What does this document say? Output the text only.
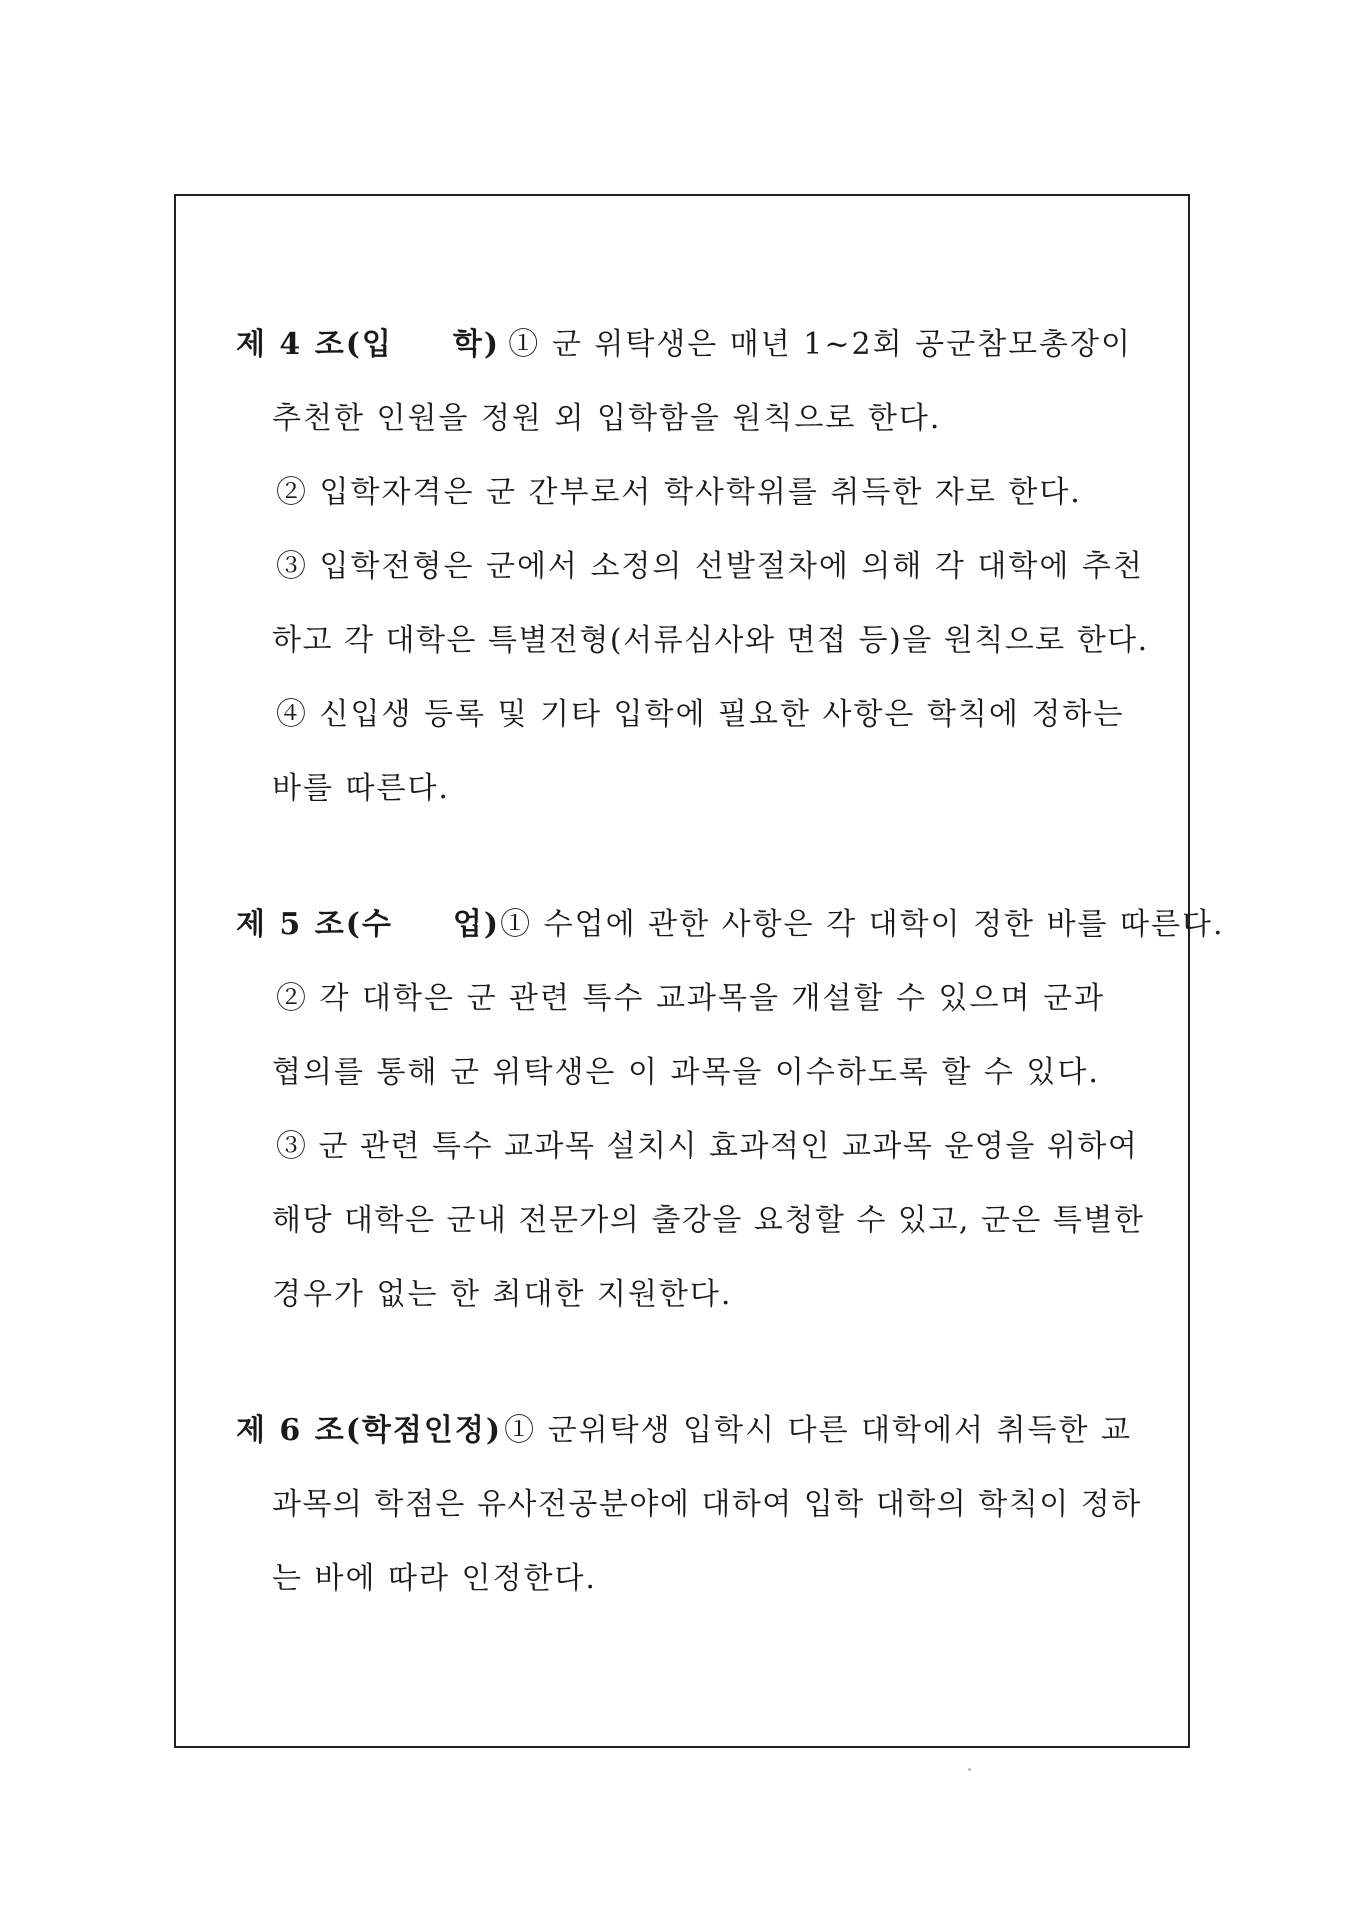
제 4 조(입 학) ① 군 위탁생은 매년 1~2회 공군참모총장이
추천한 인원을 정원 외 입학함을 원칙으로 한다.
② 입학자격은 군 간부로서 학사학위를 취득한 자로 한다.
③ 입학전형은 군에서 소정의 선발절차에 의해 각 대학에 추천
하고 각 대학은 특별전형(서류심사와 면접 등)을 원칙으로 한다.
④ 신입생 등록 및 기타 입학에 필요한 사항은 학칙에 정하는
바를 따른다.
제 5 조(수 업) ① 수업에 관한 사항은 각 대학이 정한 바를 따른다.
② 각 대학은 군 관련 특수 교과목을 개설할 수 있으며 군과
협의를 통해 군 위탁생은 이 과목을 이수하도록 할 수 있다.
③ 군 관련 특수 교과목 설치시 효과적인 교과목 운영을 위하여
해당 대학은 군내 전문가의 출강을 요청할 수 있고, 군은 특별한
경우가 없는 한 최대한 지원한다.
제 6 조(학점인정) ① 군위탁생 입학시 다른 대학에서 취득한 교
과목의 학점은 유사전공분야에 대하여 입학 대학의 학칙이 정하
는 바에 따라 인정한다.
